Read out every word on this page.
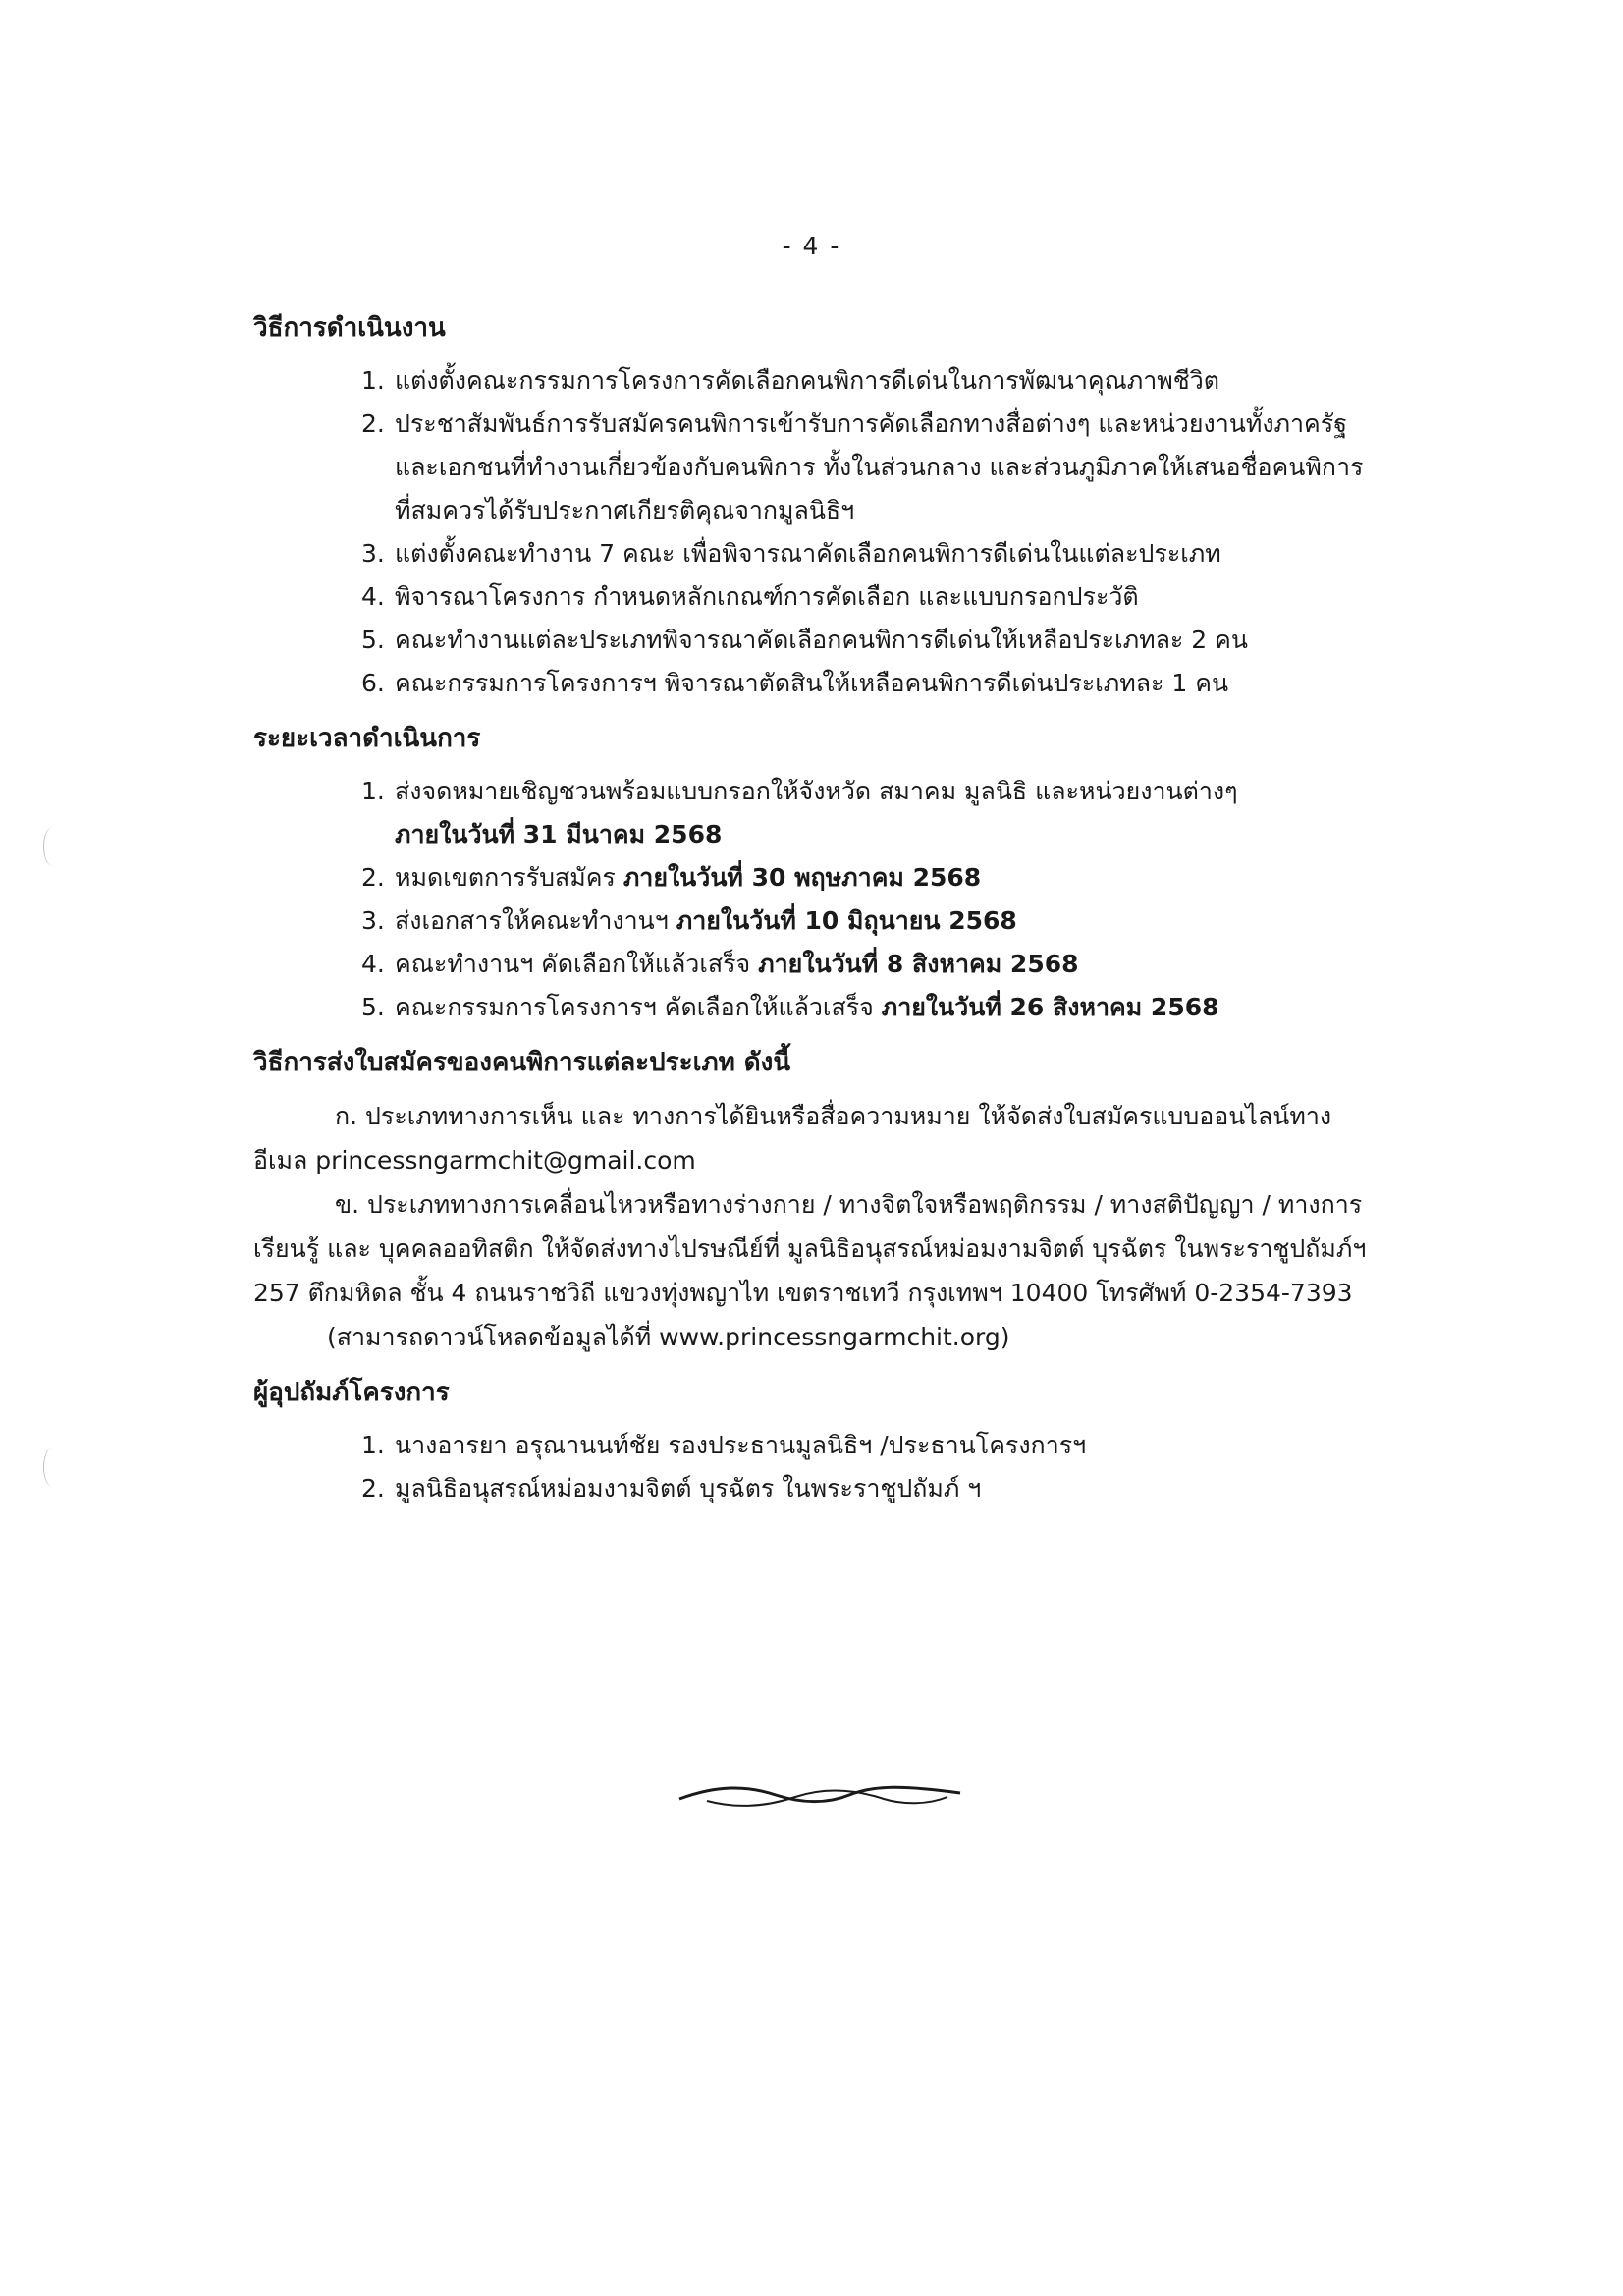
- 4 -
วิธีการดำเนินงาน
1. แต่งตั้งคณะกรรมการโครงการคัดเลือกคนพิการดีเด่นในการพัฒนาคุณภาพชีวิต
2. ประชาสัมพันธ์การรับสมัครคนพิการเข้ารับการคัดเลือกทางสื่อต่างๆ และหน่วยงานทั้งภาครัฐและเอกชนที่ทำงานเกี่ยวข้องกับคนพิการ ทั้งในส่วนกลาง และส่วนภูมิภาคให้เสนอชื่อคนพิการที่สมควรได้รับประกาศเกียรติคุณจากมูลนิธิฯ
3. แต่งตั้งคณะทำงาน 7 คณะ เพื่อพิจารณาคัดเลือกคนพิการดีเด่นในแต่ละประเภท
4. พิจารณาโครงการ กำหนดหลักเกณฑ์การคัดเลือก และแบบกรอกประวัติ
5. คณะทำงานแต่ละประเภทพิจารณาคัดเลือกคนพิการดีเด่นให้เหลือประเภทละ 2 คน
6. คณะกรรมการโครงการฯ พิจารณาตัดสินให้เหลือคนพิการดีเด่นประเภทละ 1 คน
ระยะเวลาดำเนินการ
1. ส่งจดหมายเชิญชวนพร้อมแบบกรอกให้จังหวัด สมาคม มูลนิธิ และหน่วยงานต่างๆ
ภายในวันที่ 31 มีนาคม 2568
2. หมดเขตการรับสมัคร ภายในวันที่ 30 พฤษภาคม 2568
3. ส่งเอกสารให้คณะทำงานฯ ภายในวันที่ 10 มิถุนายน 2568
4. คณะทำงานฯ คัดเลือกให้แล้วเสร็จ ภายในวันที่ 8 สิงหาคม 2568
5. คณะกรรมการโครงการฯ คัดเลือกให้แล้วเสร็จ ภายในวันที่ 26 สิงหาคม 2568
วิธีการส่งใบสมัครของคนพิการแต่ละประเภท ดังนี้

ก. ประเภททางการเห็น และ ทางการได้ยินหรือสื่อความหมาย ให้จัดส่งใบสมัครแบบออนไลน์ทางอีเมล princessngarmchit@gmail.com

ข. ประเภททางการเคลื่อนไหวหรือทางร่างกาย / ทางจิตใจหรือพฤติกรรม / ทางสติปัญญา / ทางการเรียนรู้ และ บุคคลออทิสติก ให้จัดส่งทางไปรษณีย์ที่ มูลนิธิอนุสรณ์หม่อมงามจิตต์ บุรฉัตร ในพระราชูปถัมภ์ฯ 257 ตึกมหิดล ชั้น 4 ถนนราชวิถี แขวงทุ่งพญาไท เขตราชเทวี กรุงเทพฯ 10400 โทรศัพท์ 0-2354-7393

(สามารถดาวน์โหลดข้อมูลได้ที่ www.princessngarmchit.org)

ผู้อุปถัมภ์โครงการ
1. นางอารยา อรุณานนท์ชัย รองประธานมูลนิธิฯ /ประธานโครงการฯ
2. มูลนิธิอนุสรณ์หม่อมงามจิตต์ บุรฉัตร ในพระราชูปถัมภ์ ฯ
